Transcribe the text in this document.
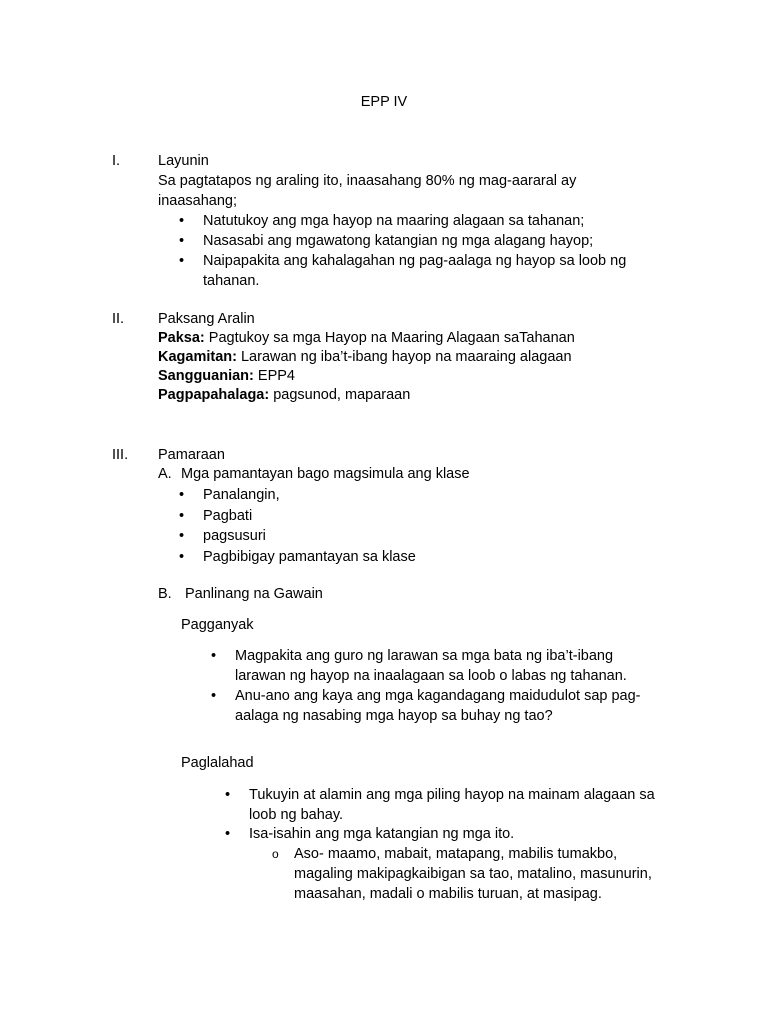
EPP IV
I.	Layunin
Sa pagtatapos ng araling ito, inaasahang 80% ng mag-aararal ay inaasahang;
• Natutukoy ang mga hayop na maaring alagaan sa tahanan;
• Nasasabi ang mgawatong katangian ng mga alagang hayop;
• Naipapakita ang kahalagahan ng pag-aalaga ng hayop sa loob ng tahanan.
II. Paksang Aralin
Paksa: Pagtukoy sa mga Hayop na Maaring Alagaan saTahanan
Kagamitan: Larawan ng iba’t-ibang hayop na maaraing alagaan
Sangguanian: EPP4
Pagpapahalaga: pagsunod, maparaan
III. Pamaraan
A. Mga pamantayan bago magsimula ang klase
• Panalangin,
• Pagbati
• pagsusuri
• Pagbibigay pamantayan sa klase
B. Panlinang na Gawain
Pagganyak
• Magpakita ang guro ng larawan sa mga bata ng iba’t-ibang larawan ng hayop na inaalagaan sa loob o labas ng tahanan.
• Anu-ano ang kaya ang mga kagandagang maidudulot sap pag-aalaga ng nasabing mga hayop sa buhay ng tao?
Paglalahad
• Tukuyin at alamin ang mga piling hayop na mainam alagaan sa loob ng bahay.
• Isa-isahin ang mga katangian ng mga ito.
o Aso- maamo, mabait, matapang, mabilis tumakbo, magaling makipagkaibigan sa tao, matalino, masunurin, maasahan, madali o mabilis turuan, at masipag.
